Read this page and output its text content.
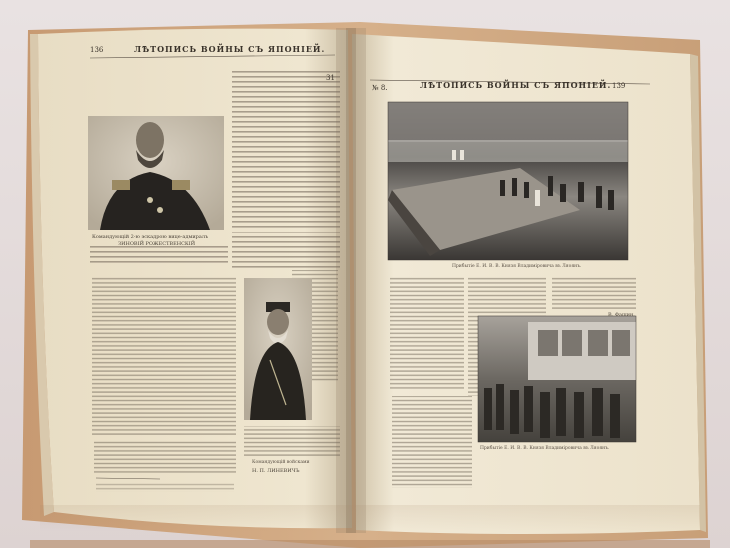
136	ЛѢТОПИСЬ ВОЙНЫ СЪ ЯПОНІЕЙ.
31
Командующій 2-ю эскадрою вице-адмиралъ
ЗИНОВІЙ РОЖЕСТВЕНСКІЙ
Командующій войсками
Н. П. ЛИНЕВИЧЪ
№ 8.	ЛѢТОПИСЬ ВОЙНЫ СЪ ЯПОНІЕЙ. 139
Прибытіе Е. И. В. В. Князя Владиміровича въ Ляоянъ.
Прибытіе Е. И. В. В. Князя Владиміровича въ Ляоянъ.
В. Фашин.
